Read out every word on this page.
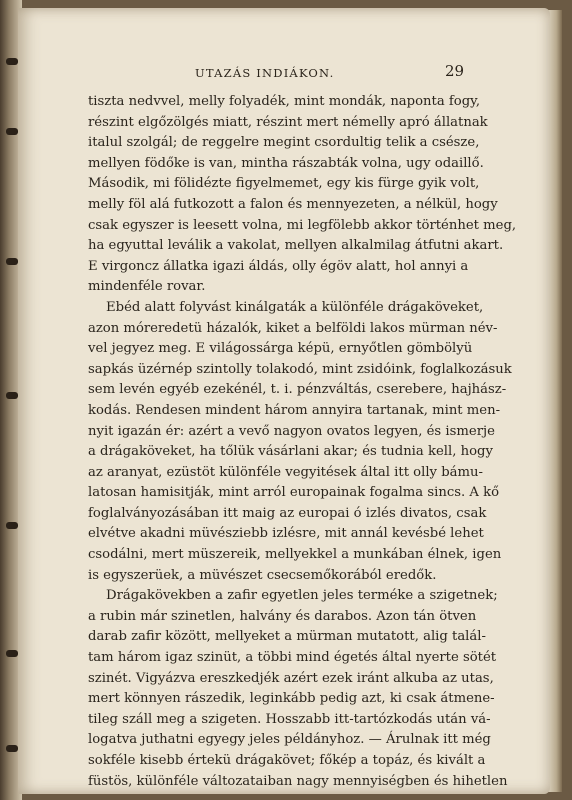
UTAZÁS INDIÁKON.	29
tiszta nedvvel, melly folyadék, mint mondák, naponta fogy,
részint elgőzölgés miatt, részint mert némelly apró állatnak
italul szolgál; de reggelre megint csordultig telik a csésze,
mellyen födőke is van, mintha rászabták volna, ugy odaillő.
Második, mi fölidézte figyelmemet, egy kis fürge gyik volt,
melly föl alá futkozott a falon és mennyezeten, a nélkül, hogy
csak egyszer is leesett volna, mi legfölebb akkor történhet meg,
ha egyuttal leválik a vakolat, mellyen alkalmilag átfutni akart.
E virgoncz állatka igazi áldás, olly égöv alatt, hol annyi a
mindenféle rovar.
Ebéd alatt folyvást kinálgaták a különféle drágaköveket,
azon móreredetü házalók, kiket a belföldi lakos mürman név-
vel jegyez meg. E világossárga képü, ernyőtlen gömbölyü
sapkás üzérnép szintolly tolakodó, mint zsidóink, foglalkozásuk
sem levén egyéb ezekénél, t. i. pénzváltás, cserebere, hajhász-
kodás. Rendesen mindent három annyira tartanak, mint men-
nyit igazán ér: azért a vevő nagyon ovatos legyen, és ismerje
a drágaköveket, ha tőlük vásárlani akar; és tudnia kell, hogy
az aranyat, ezüstöt különféle vegyitések által itt olly bámu-
latosan hamisitják, mint arról europainak fogalma sincs. A kő
foglalványozásában itt maig az europai ó izlés divatos, csak
elvétve akadni müvésziebb izlésre, mit annál kevésbé lehet
csodálni, mert müszereik, mellyekkel a munkában élnek, igen
is egyszerüek, a müvészet csecsemőkorából eredők.
Drágakövekben a zafir egyetlen jeles terméke a szigetnek;
a rubin már szinetlen, halvány és darabos. Azon tán ötven
darab zafir között, mellyeket a mürman mutatott, alig talál-
tam három igaz szinüt, a többi mind égetés által nyerte sötét
szinét. Vigyázva ereszkedjék azért ezek iránt alkuba az utas,
mert könnyen rászedik, leginkább pedig azt, ki csak átmene-
tileg száll meg a szigeten. Hosszabb itt-tartózkodás után vá-
logatva juthatni egyegy jeles példányhoz. — Árulnak itt még
sokféle kisebb értekü drágakövet; főkép a topáz, és kivált a
füstös, különféle változataiban nagy mennyiségben és hihetlen
